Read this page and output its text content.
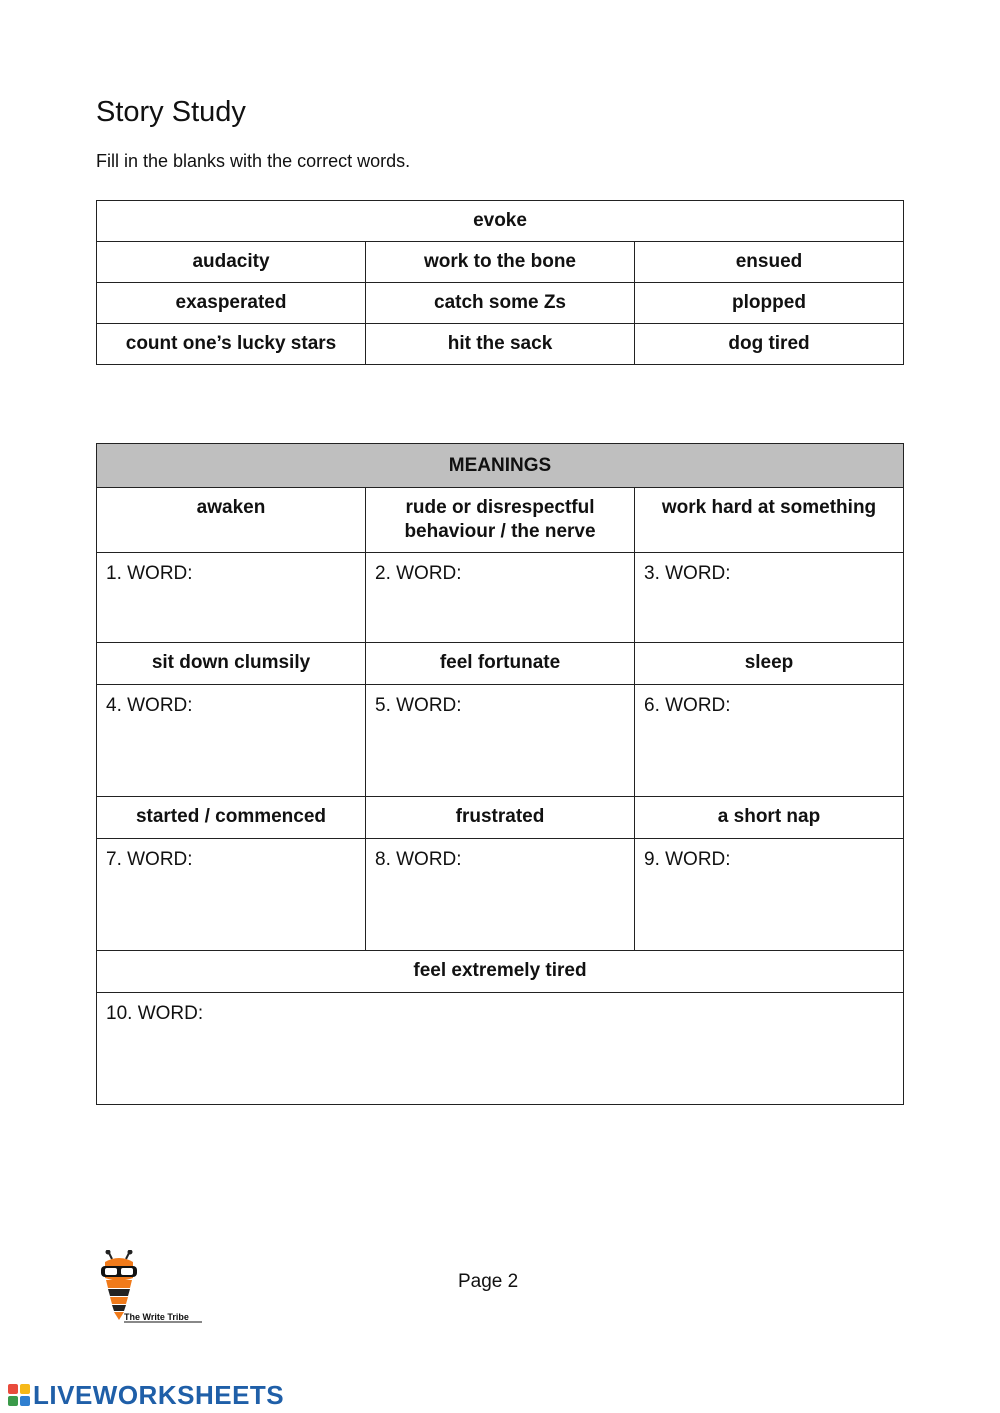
Story Study

Fill in the blanks with the correct words.

evoke		
audacity	work to the bone	ensued
exasperated	catch some Zs	plopped
count one’s lucky stars	hit the sack	dog tired
MEANINGS		
awaken	rude or disrespectful behaviour / the nerve	work hard at something
1. WORD:	2. WORD:	3. WORD:
sit down clumsily	feel fortunate	sleep
4. WORD:	5. WORD:	6. WORD:
started / commenced	frustrated	a short nap
7. WORD:	8. WORD:	9. WORD:
feel extremely tired		
10. WORD:		
The Write Tribe

Page 2

LIVEWORKSHEETS
